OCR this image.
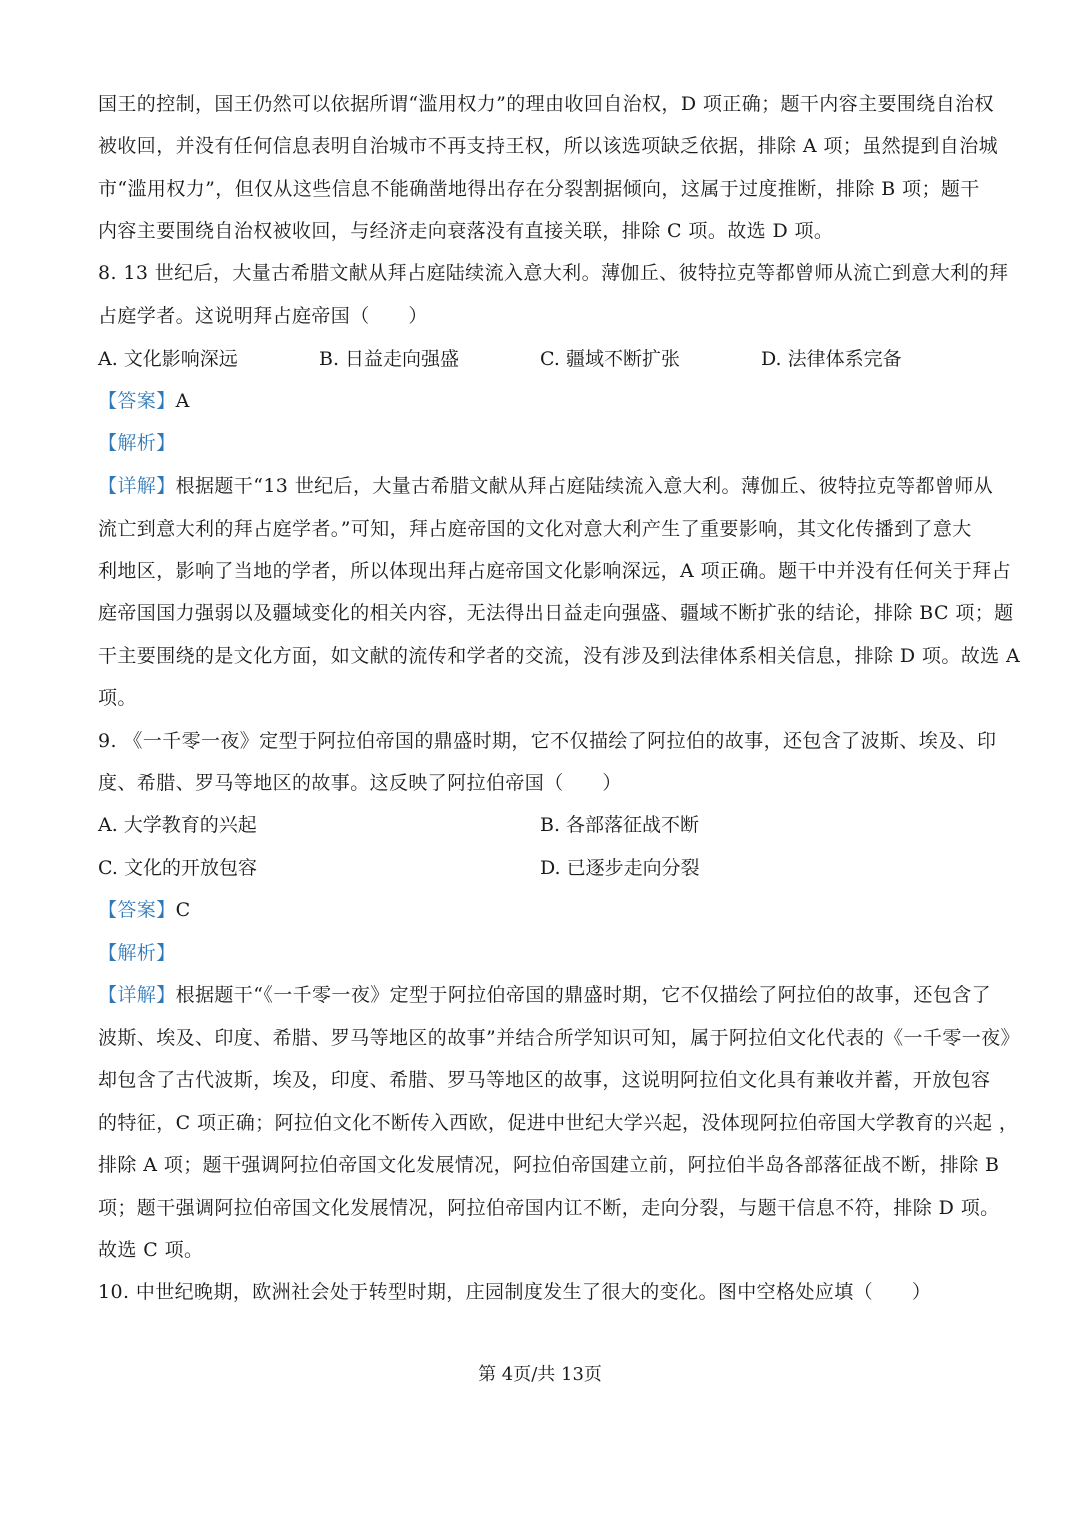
国王的控制，国王仍然可以依据所谓“滥用权力”的理由收回自治权，D 项正确；题干内容主要围绕自治权
被收回，并没有任何信息表明自治城市不再支持王权，所以该选项缺乏依据，排除 A 项；虽然提到自治城
市“滥用权力”，但仅从这些信息不能确凿地得出存在分裂割据倾向，这属于过度推断，排除 B 项；题干
内容主要围绕自治权被收回，与经济走向衰落没有直接关联，排除 C 项。故选 D 项。
8. 13 世纪后，大量古希腊文献从拜占庭陆续流入意大利。薄伽丘、彼特拉克等都曾师从流亡到意大利的拜
占庭学者。这说明拜占庭帝国（　　）
A. 文化影响深远	B. 日益走向强盛	C. 疆域不断扩张	D. 法律体系完备
【答案】A
【解析】
【详解】根据题干“13 世纪后，大量古希腊文献从拜占庭陆续流入意大利。薄伽丘、彼特拉克等都曾师从
流亡到意大利的拜占庭学者。”可知，拜占庭帝国的文化对意大利产生了重要影响，其文化传播到了意大
利地区，影响了当地的学者，所以体现出拜占庭帝国文化影响深远，A 项正确。题干中并没有任何关于拜占
庭帝国国力强弱以及疆域变化的相关内容，无法得出日益走向强盛、疆域不断扩张的结论，排除 BC 项；题
干主要围绕的是文化方面，如文献的流传和学者的交流，没有涉及到法律体系相关信息，排除 D 项。故选 A
项。
9. 《一千零一夜》定型于阿拉伯帝国的鼎盛时期，它不仅描绘了阿拉伯的故事，还包含了波斯、埃及、印
度、希腊、罗马等地区的故事。这反映了阿拉伯帝国（　　）
A. 大学教育的兴起	B. 各部落征战不断
C. 文化的开放包容	D. 已逐步走向分裂
【答案】C
【解析】
【详解】根据题干“《一千零一夜》定型于阿拉伯帝国的鼎盛时期，它不仅描绘了阿拉伯的故事，还包含了
波斯、埃及、印度、希腊、罗马等地区的故事”并结合所学知识可知，属于阿拉伯文化代表的《一千零一夜》
却包含了古代波斯，埃及，印度、希腊、罗马等地区的故事，这说明阿拉伯文化具有兼收并蓄，开放包容
的特征，C 项正确；阿拉伯文化不断传入西欧，促进中世纪大学兴起，没体现阿拉伯帝国大学教育的兴起 ，
排除 A 项；题干强调阿拉伯帝国文化发展情况，阿拉伯帝国建立前，阿拉伯半岛各部落征战不断，排除 B
项；题干强调阿拉伯帝国文化发展情况，阿拉伯帝国内讧不断，走向分裂，与题干信息不符，排除 D 项。
故选 C 项。
10. 中世纪晚期，欧洲社会处于转型时期，庄园制度发生了很大的变化。图中空格处应填（　　）
第 4页/共 13页
